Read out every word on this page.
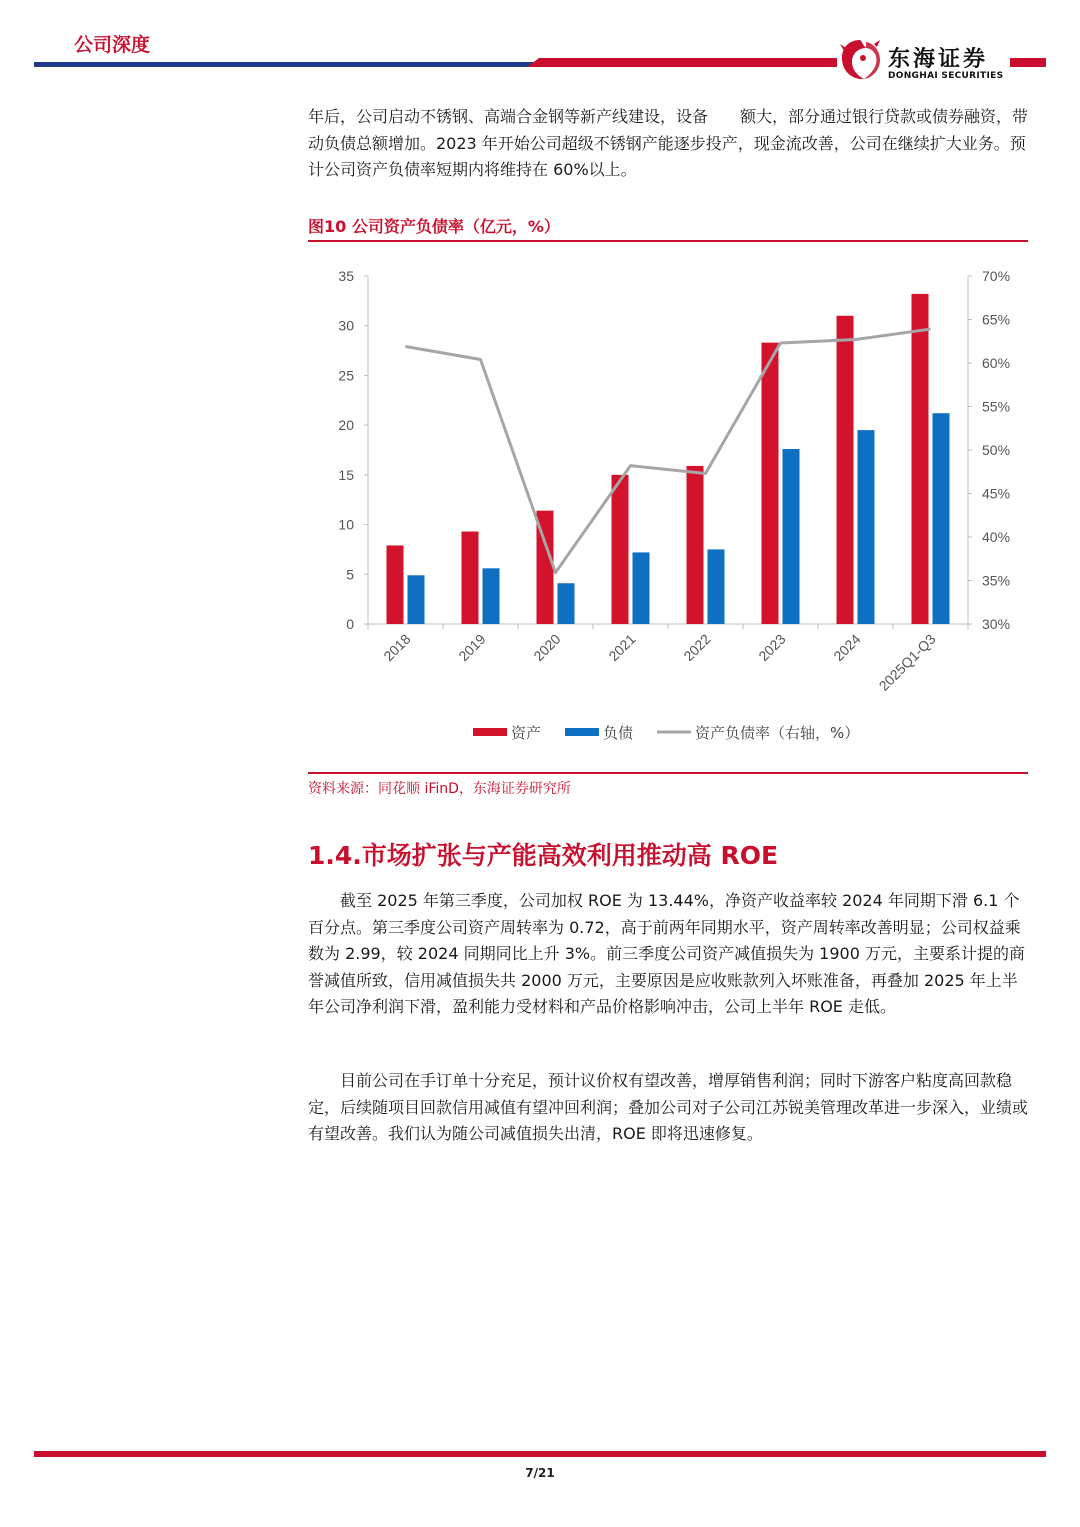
公司深度
东海证券
DONGHAI SECURITIES

年后，公司启动不锈钢、高端合金钢等新产线建设，设备　　额大，部分通过银行贷款或债券融资，带动负债总额增加。2023 年开始公司超级不锈钢产能逐步投产，现金流改善，公司在继续扩大业务。预计公司资产负债率短期内将维持在 60%以上。

图10 公司资产负债率（亿元，%）
0
5
10
15
20
25
30
35
30%
35%
40%
45%
50%
55%
60%
65%
70%
2018	2019	2020	2021	2022	2023	2024 2025Q1-Q3
资产	负债	资产负债率（右轴，%）
资料来源：同花顺 iFinD，东海证券研究所
1.4.市场扩张与产能高效利用推动高 ROE

截至 2025 年第三季度，公司加权 ROE 为 13.44%，净资产收益率较 2024 年同期下滑 6.1 个百分点。第三季度公司资产周转率为 0.72，高于前两年同期水平，资产周转率改善明显；公司权益乘数为 2.99，较 2024 同期同比上升 3%。前三季度公司资产减值损失为 1900 万元，主要系计提的商誉减值所致，信用减值损失共 2000 万元，主要原因是应收账款列入坏账准备，再叠加 2025 年上半年公司净利润下滑，盈利能力受材料和产品价格影响冲击，公司上半年 ROE 走低。

目前公司在手订单十分充足，预计议价权有望改善，增厚销售利润；同时下游客户粘度高回款稳定，后续随项目回款信用减值有望冲回利润；叠加公司对子公司江苏锐美管理改革进一步深入，业绩或有望改善。我们认为随公司减值损失出清，ROE 即将迅速修复。

7/21
